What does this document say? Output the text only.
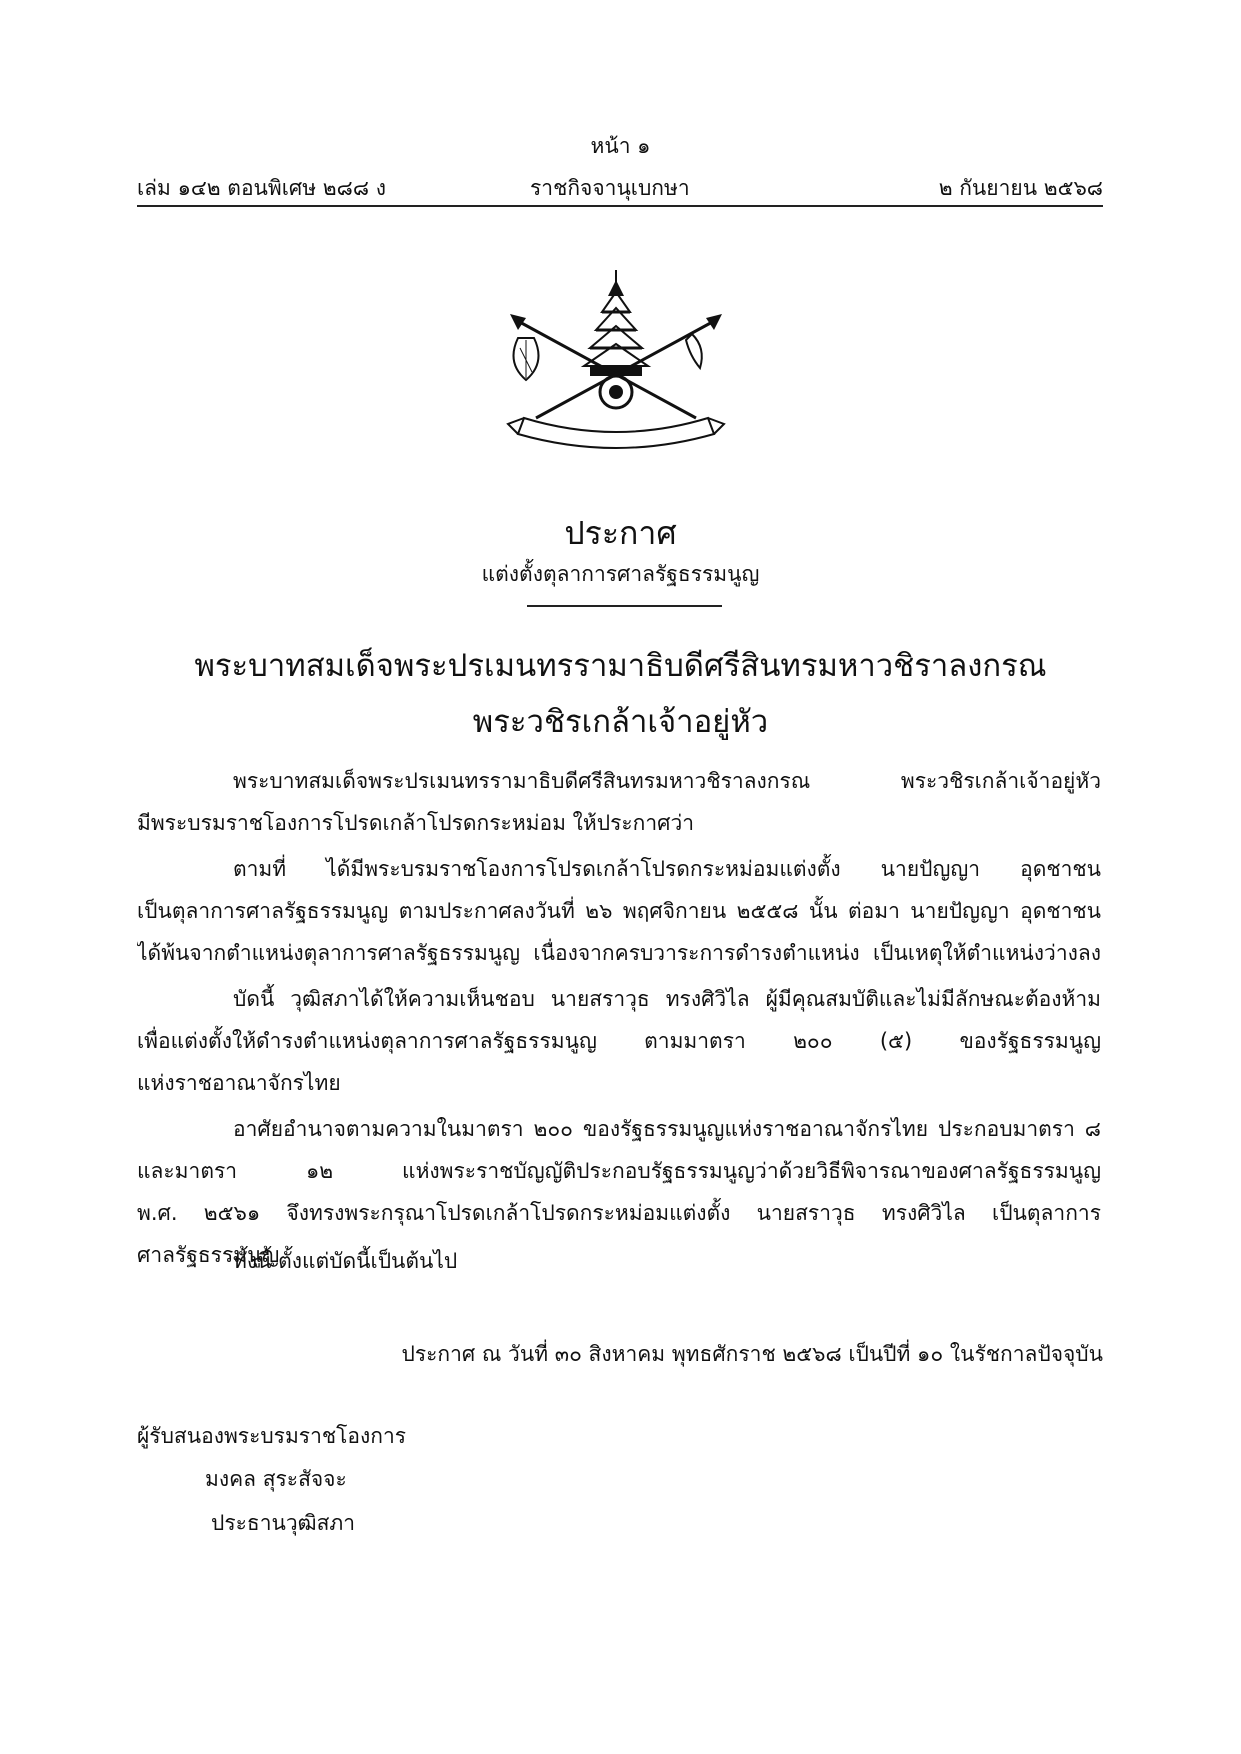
หน้า ๑
เล่ม ๑๔๒ ตอนพิเศษ ๒๘๘ ง	ราชกิจจานุเบกษา	๒ กันยายน ๒๕๖๘
ประกาศ
แต่งตั้งตุลาการศาลรัฐธรรมนูญ
พระบาทสมเด็จพระปรเมนทรรามาธิบดีศรีสินทรมหาวชิราลงกรณ
พระวชิรเกล้าเจ้าอยู่หัว
พระบาทสมเด็จพระปรเมนทรรามาธิบดีศรีสินทรมหาวชิราลงกรณ พระวชิรเกล้าเจ้าอยู่หัว
มีพระบรมราชโองการโปรดเกล้าโปรดกระหม่อม ให้ประกาศว่า
ตามที่ ได้มีพระบรมราชโองการโปรดเกล้าโปรดกระหม่อมแต่งตั้ง นายปัญญา อุดชาชน
เป็นตุลาการศาลรัฐธรรมนูญ ตามประกาศลงวันที่ ๒๖ พฤศจิกายน ๒๕๕๘ นั้น ต่อมา นายปัญญา อุดชาชน
ได้พ้นจากตำแหน่งตุลาการศาลรัฐธรรมนูญ เนื่องจากครบวาระการดำรงตำแหน่ง เป็นเหตุให้ตำแหน่งว่างลง
บัดนี้ วุฒิสภาได้ให้ความเห็นชอบ นายสราวุธ ทรงศิวิไล ผู้มีคุณสมบัติและไม่มีลักษณะต้องห้าม
เพื่อแต่งตั้งให้ดำรงตำแหน่งตุลาการศาลรัฐธรรมนูญ ตามมาตรา ๒๐๐ (๕) ของรัฐธรรมนูญ
แห่งราชอาณาจักรไทย
อาศัยอำนาจตามความในมาตรา ๒๐๐ ของรัฐธรรมนูญแห่งราชอาณาจักรไทย ประกอบมาตรา ๘
และมาตรา ๑๒ แห่งพระราชบัญญัติประกอบรัฐธรรมนูญว่าด้วยวิธีพิจารณาของศาลรัฐธรรมนูญ
พ.ศ. ๒๕๖๑ จึงทรงพระกรุณาโปรดเกล้าโปรดกระหม่อมแต่งตั้ง นายสราวุธ ทรงศิวิไล เป็นตุลาการ
ศาลรัฐธรรมนูญ
ทั้งนี้ ตั้งแต่บัดนี้เป็นต้นไป
ประกาศ ณ วันที่ ๓๐ สิงหาคม พุทธศักราช ๒๕๖๘ เป็นปีที่ ๑๐ ในรัชกาลปัจจุบัน
ผู้รับสนองพระบรมราชโองการ
มงคล สุระสัจจะ
ประธานวุฒิสภา
